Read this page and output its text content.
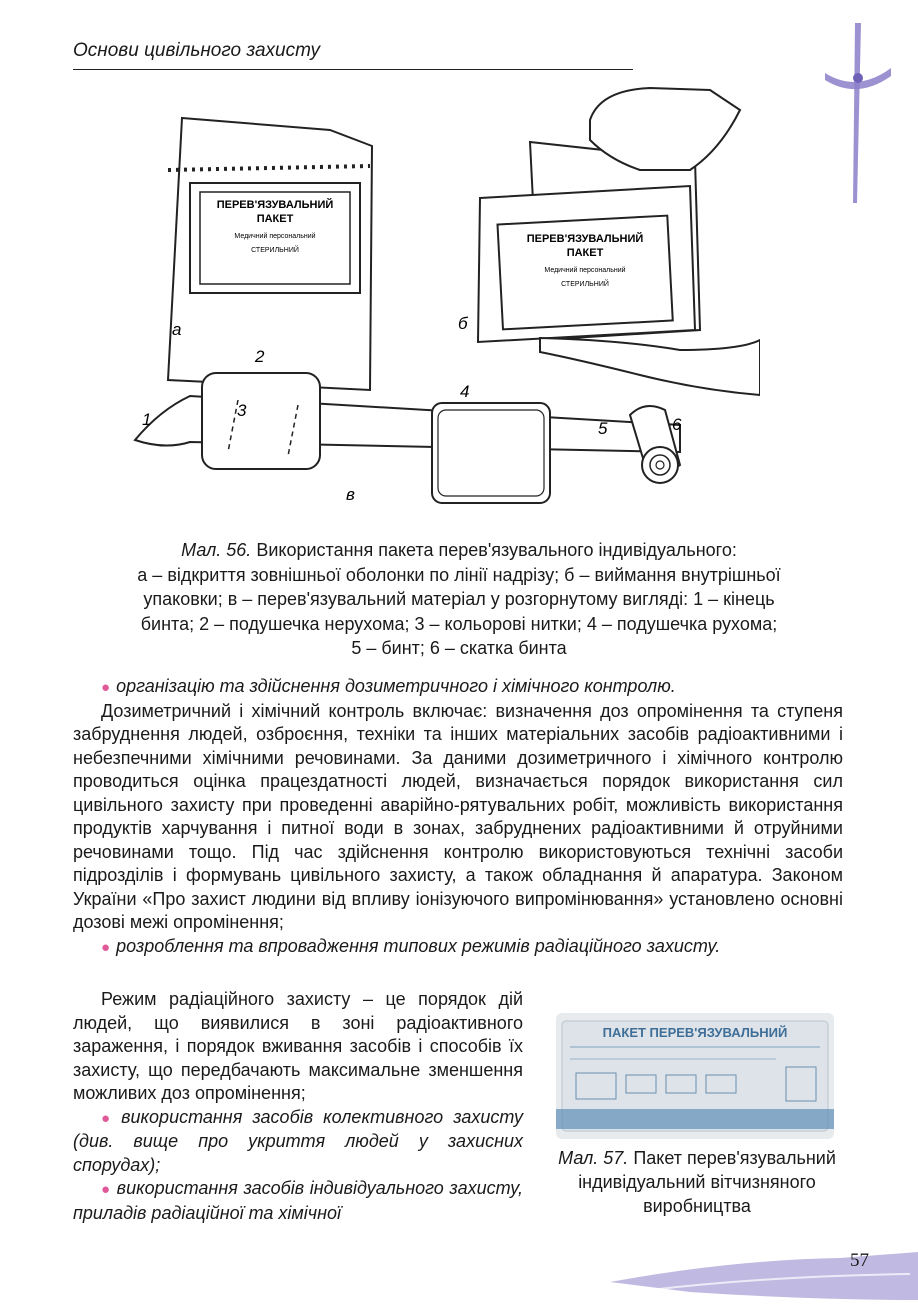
Основи цивільного захисту
ПЕРЕВ'ЯЗУВАЛЬНИЙ
ПАКЕТ
Медичний персональний
СТЕРИЛЬНИЙ
а
ПЕРЕВ'ЯЗУВАЛЬНИЙ
ПАКЕТ
Медичний персональний
СТЕРИЛЬНИЙ
б
1
2
3
4
5	6
в
Мал. 56. Використання пакета перев'язувального індивідуального:
а – відкриття зовнішньої оболонки по лінії надрізу; б – виймання внутрішньої
упаковки; в – перев'язувальний матеріал у розгорнутому вигляді: 1 – кінець
бинта; 2 – подушечка нерухома; 3 – кольорові нитки; 4 – подушечка рухома;
5 – бинт; 6 – скатка бинта
● організацію та здійснення дозиметричного і хімічного контролю.

Дозиметричний і хімічний контроль включає: визначення доз опромінення та ступеня забруднення людей, озброєння, техніки та інших матеріальних засобів радіоактивними і небезпечними хімічними речовинами. За даними дозиметричного і хімічного контролю проводиться оцінка працездатності людей, визначається порядок використання сил цивільного захисту при проведенні аварійно-рятувальних робіт, можливість використання продуктів харчування і питної води в зонах, забруднених радіоактивними й отруйними речовинами тощо. Під час здійснення контролю використовуються технічні засоби підрозділів і формувань цивільного захисту, а також обладнання й апаратура. Законом України «Про захист людини від впливу іонізуючого випромінювання» установлено основні дозові межі опромінення;

● розроблення та впровадження типових режимів радіаційного захисту.

Режим радіаційного захисту – це порядок дій людей, що виявилися в зоні радіоактивного зараження, і порядок вживання засобів і способів їх захисту, що передбачають максимальне зменшення можливих доз опромінення;

● використання засобів колективного захисту (див. вище про укриття людей у захисних спорудах);
● використання засобів індивідуального захисту, приладів радіаційної та хімічної
ПАКЕТ ПЕРЕВ'ЯЗУВАЛЬНИЙ
Мал. 57. Пакет перев'язувальний індивідуальний вітчизняного виробництва
57
